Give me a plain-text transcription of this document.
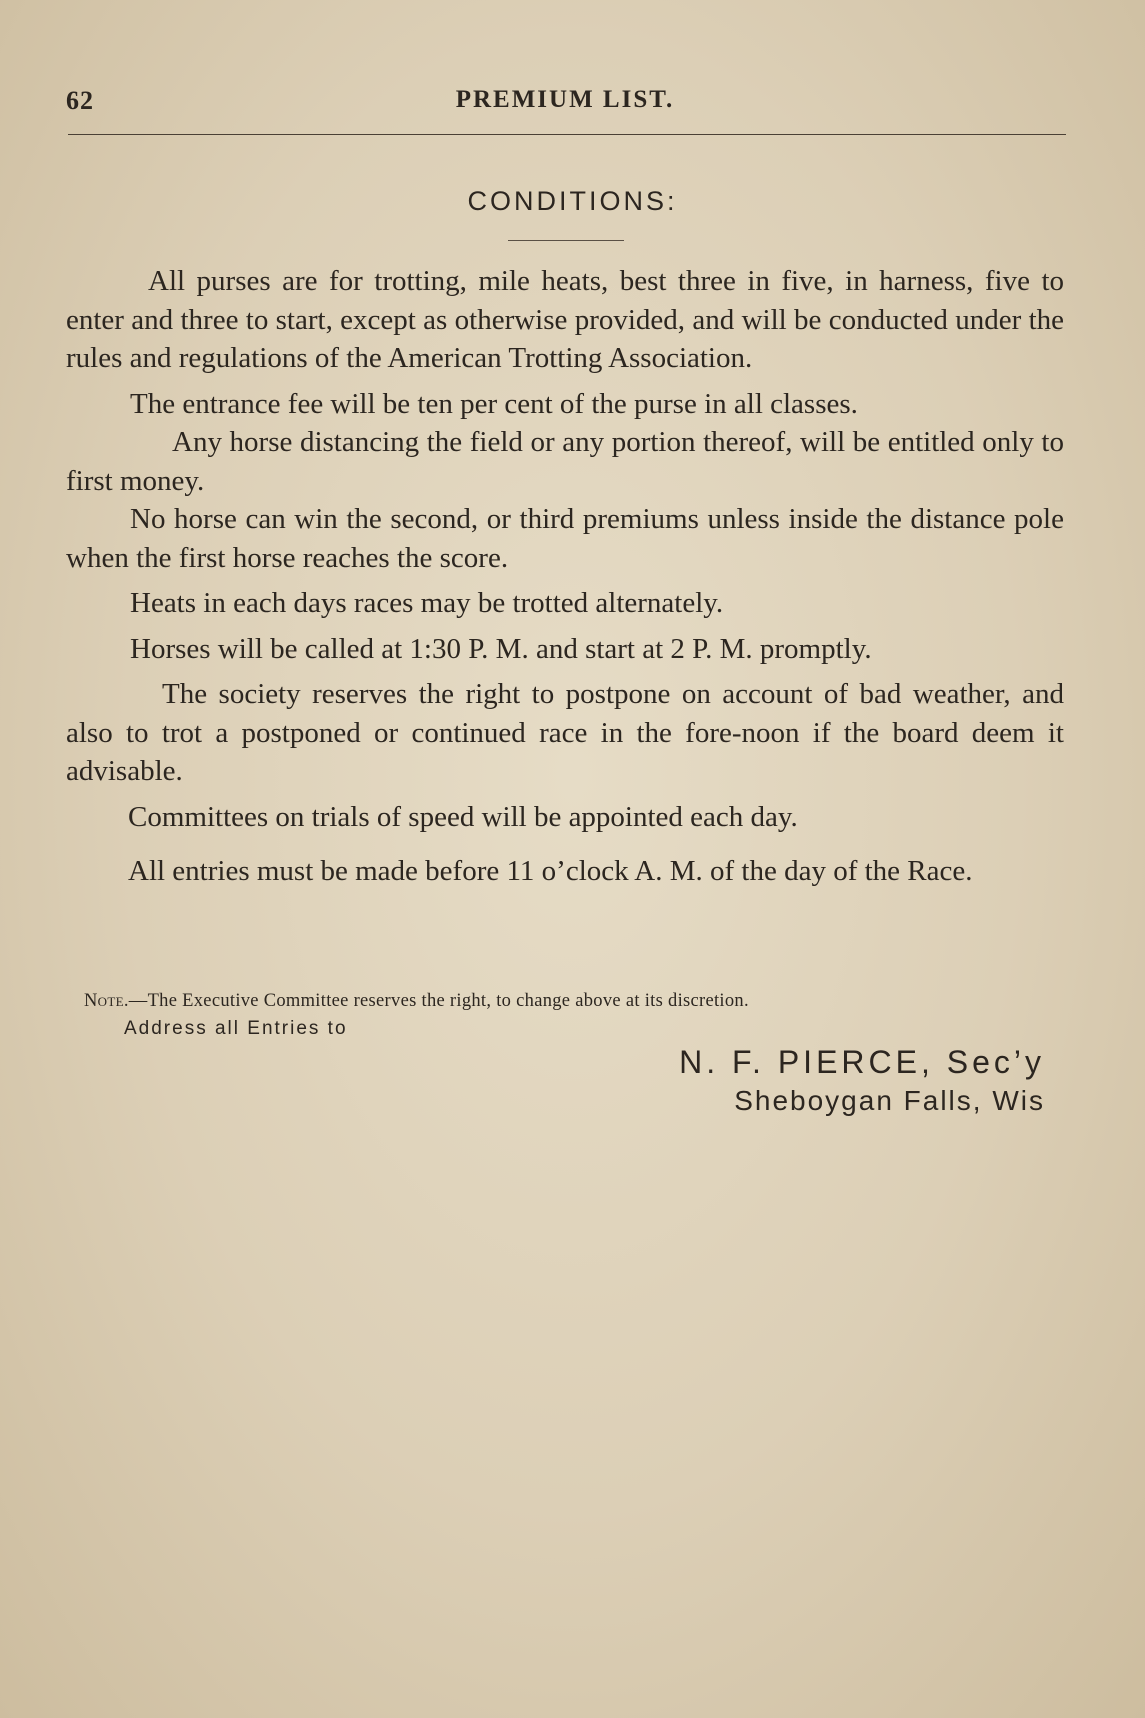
62	PREMIUM LIST.
CONDITIONS:

All purses are for trotting, mile heats, best three in five, in harness, five to enter and three to start, except as otherwise provided, and will be conducted under the rules and regulations of the American Trotting Association.

The entrance fee will be ten per cent of the purse in all classes.

Any horse distancing the field or any portion thereof, will be entitled only to first money.

No horse can win the second, or third premiums unless inside the distance pole when the first horse reaches the score.

Heats in each days races may be trotted alternately.

Horses will be called at 1:30 P. M. and start at 2 P. M. promptly.

The society reserves the right to postpone on account of bad weather, and also to trot a postponed or continued race in the fore-noon if the board deem it advisable.

Committees on trials of speed will be appointed each day.

All entries must be made before 11 o’clock A. M. of the day of the Race.

Note.—The Executive Committee reserves the right, to change above at its discretion.
Address all Entries to
N. F. PIERCE, Sec’y
Sheboygan Falls, Wis
